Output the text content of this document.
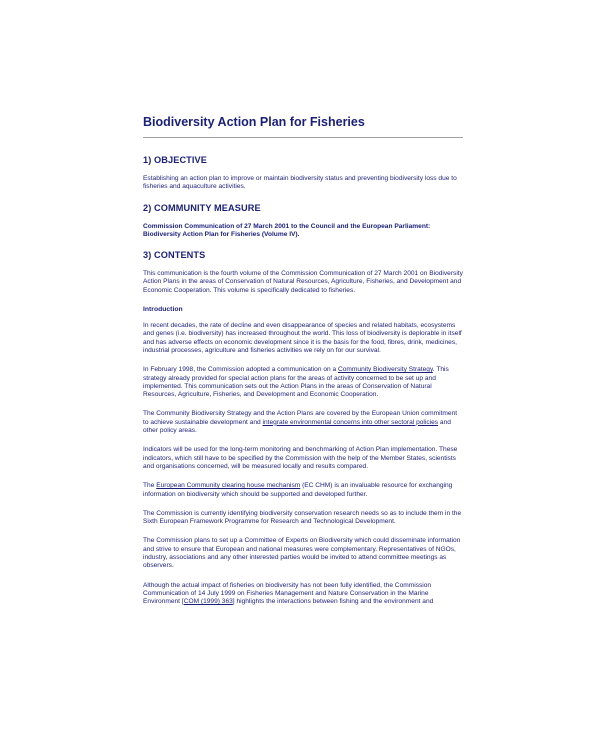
Biodiversity Action Plan for Fisheries
1) OBJECTIVE

Establishing an action plan to improve or maintain biodiversity status and preventing biodiversity loss due to fisheries and aquaculture activities.

2) COMMUNITY MEASURE

Commission Communication of 27 March 2001 to the Council and the European Parliament: Biodiversity Action Plan for Fisheries (Volume IV).

3) CONTENTS

This communication is the fourth volume of the Commission Communication of 27 March 2001 on Biodiversity Action Plans in the areas of Conservation of Natural Resources, Agriculture, Fisheries, and Development and Economic Cooperation. This volume is specifically dedicated to fisheries.

Introduction

In recent decades, the rate of decline and even disappearance of species and related habitats, ecosystems and genes (i.e. biodiversity) has increased throughout the world. This loss of biodiversity is deplorable in itself and has adverse effects on economic development since it is the basis for the food, fibres, drink, medicines, industrial processes, agriculture and fisheries activities we rely on for our survival.

In February 1998, the Commission adopted a communication on a Community Biodiversity Strategy. This strategy already provided for special action plans for the areas of activity concerned to be set up and implemented. This communication sets out the Action Plans in the areas of Conservation of Natural Resources, Agriculture, Fisheries, and Development and Economic Cooperation.

The Community Biodiversity Strategy and the Action Plans are covered by the European Union commitment to achieve sustainable development and integrate environmental concerns into other sectoral policies and other policy areas.

Indicators will be used for the long-term monitoring and benchmarking of Action Plan implementation. These indicators, which still have to be specified by the Commission with the help of the Member States, scientists and organisations concerned, will be measured locally and results compared.

The European Community clearing house mechanism (EC CHM) is an invaluable resource for exchanging information on biodiversity which should be supported and developed further.

The Commission is currently identifying biodiversity conservation research needs so as to include them in the Sixth European Framework Programme for Research and Technological Development.

The Commission plans to set up a Committee of Experts on Biodiversity which could disseminate information and strive to ensure that European and national measures were complementary. Representatives of NGOs, industry, associations and any other interested parties would be invited to attend committee meetings as observers.

Although the actual impact of fisheries on biodiversity has not been fully identified, the Commission Communication of 14 July 1999 on Fisheries Management and Nature Conservation in the Marine Environment [COM (1999) 363] highlights the interactions between fishing and the environment and
